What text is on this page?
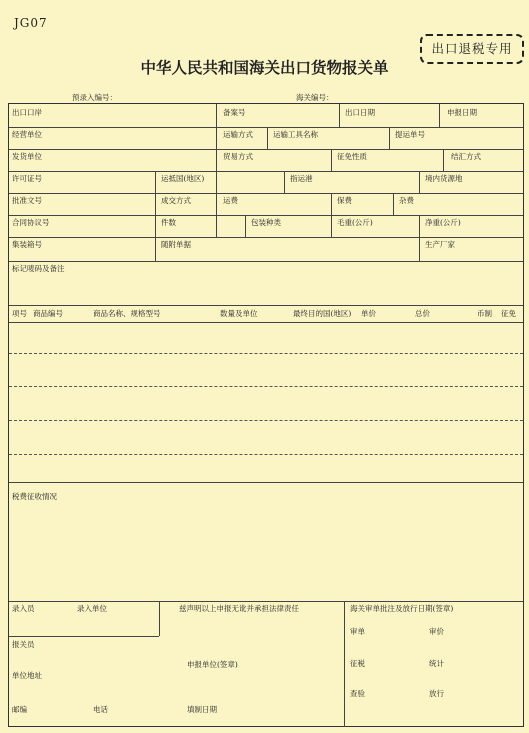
JG07
出口退税专用
中华人民共和国海关出口货物报关单
预录入编号：	海关编号：
出口口岸	备案号	出口日期	申报日期
经营单位	运输方式	运输工具名称	提运单号
发货单位	贸易方式	征免性质	结汇方式
许可证号	运抵国(地区)	指运港	境内货源地
批准文号	成交方式	运费	保费	杂费
合同协议号	件数	包装种类	毛重(公斤)	净重(公斤)
集装箱号	随附单据	生产厂家
标记唛码及备注
项号 商品编号	商品名称、规格型号	数量及单位	最终目的国(地区) 单价	总价	币制 征免
税费征收情况
录入员	录入单位	兹声明以上申报无讹并承担法律责任	海关审单批注及放行日期(签章)
审单	审价
报关员
征税	统计
申报单位(签章)
单位地址
查验	放行
邮编	电话	填制日期
